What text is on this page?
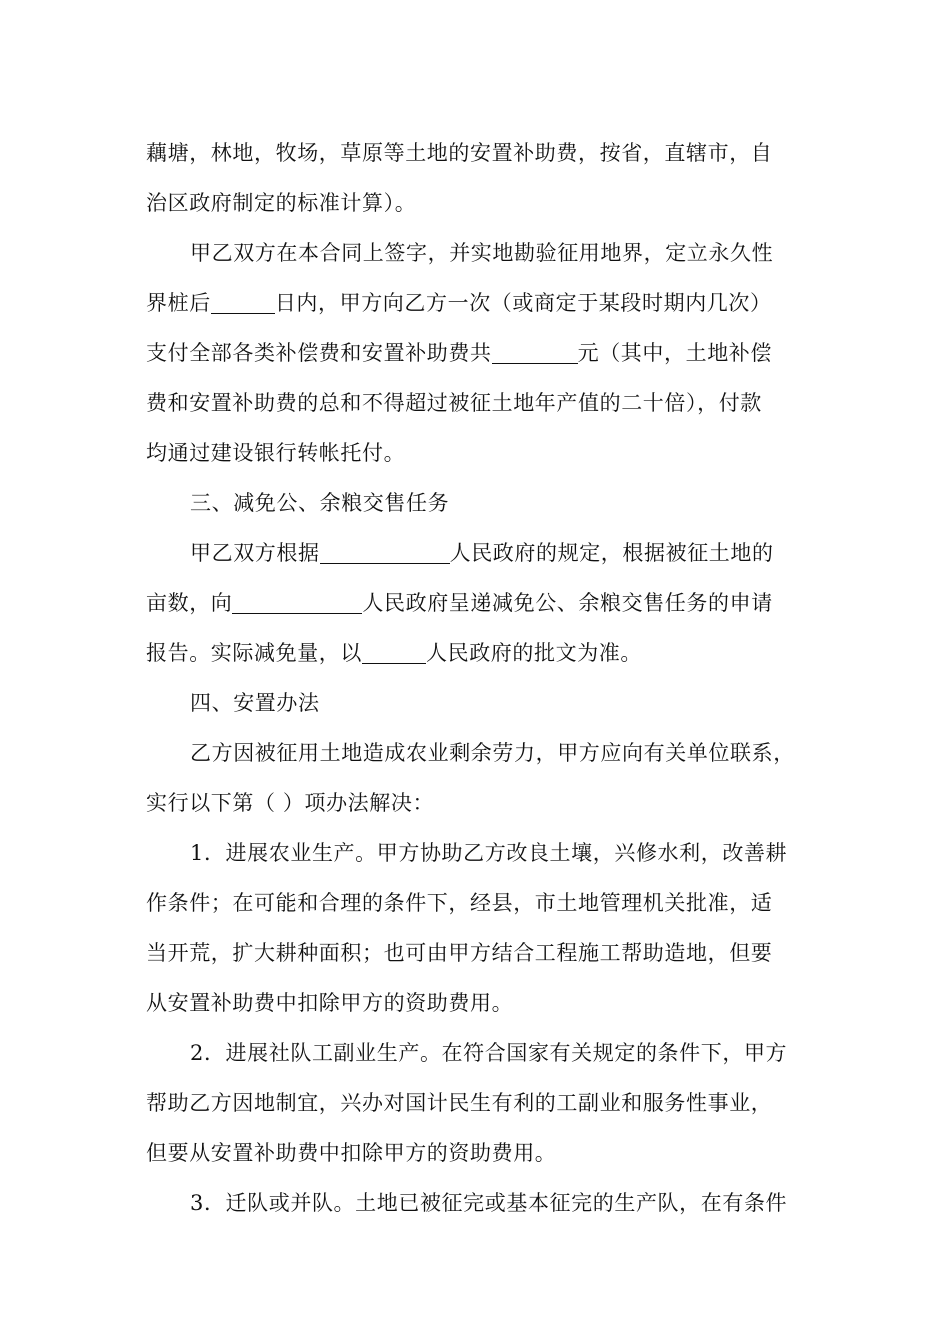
藕塘，林地，牧场，草原等土地的安置补助费，按省，直辖市，自
治区政府制定的标准计算）。
甲乙双方在本合同上签字，并实地勘验征用地界，定立永久性
界桩后	日内，甲方向乙方一次（或商定于某段时期内几次）
支付全部各类补偿费和安置补助费共	元（其中，土地补偿
费和安置补助费的总和不得超过被征土地年产值的二十倍），付款
均通过建设银行转帐托付。
三、减免公、余粮交售任务
甲乙双方根据	人民政府的规定，根据被征土地的
亩数，向	人民政府呈递减免公、余粮交售任务的申请
报告。实际减免量，以	人民政府的批文为准。
四、安置办法
乙方因被征用土地造成农业剩余劳力，甲方应向有关单位联系，
实行以下第（ ）项办法解决：
1．进展农业生产。甲方协助乙方改良土壤，兴修水利，改善耕
作条件；在可能和合理的条件下，经县，市土地管理机关批准，适
当开荒，扩大耕种面积；也可由甲方结合工程施工帮助造地，但要
从安置补助费中扣除甲方的资助费用。
2．进展社队工副业生产。在符合国家有关规定的条件下，甲方
帮助乙方因地制宜，兴办对国计民生有利的工副业和服务性事业，
但要从安置补助费中扣除甲方的资助费用。
3．迁队或并队。土地已被征完或基本征完的生产队，在有条件
